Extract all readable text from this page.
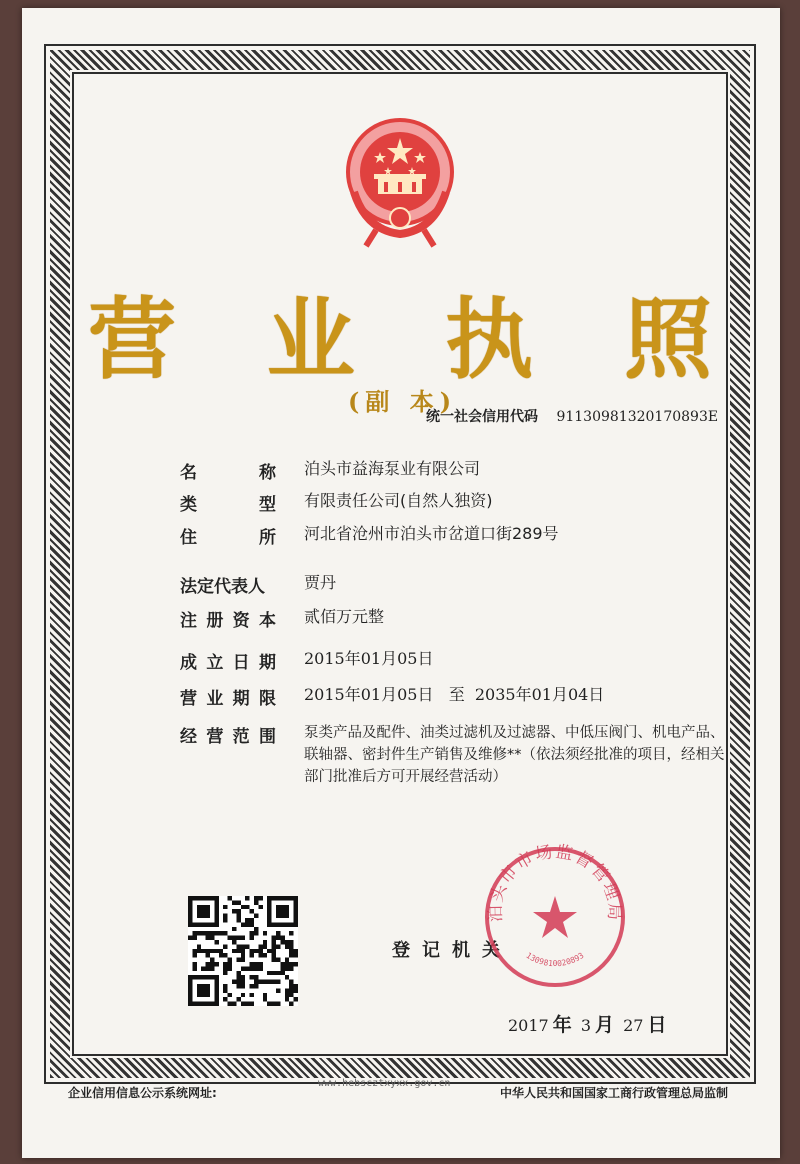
营 业 执 照
(副 本)
统一社会信用代码 91130981320170893E
名	称 泊头市益海泵业有限公司
类	型 有限责任公司(自然人独资)
住	所 河北省沧州市泊头市岔道口街289号
法定代表人 贾丹
注 册 资 本 贰佰万元整
成 立 日 期 2015年01月05日
营 业 期 限 2015年01月05日   至  2035年01月04日
经 营 范 围 泵类产品及配件、油类过滤机及过滤器、中低压阀门、机电产品、联轴器、密封件生产销售及维修**（依法须经批准的项目，经相关部门批准后方可开展经营活动）
登记机关
泊头市市场监督管理局
1309810020893
2017 年 3 月 27 日
企业信用信息公示系统网址:
www.hebscztxyxx.gov.cn
中华人民共和国国家工商行政管理总局监制
